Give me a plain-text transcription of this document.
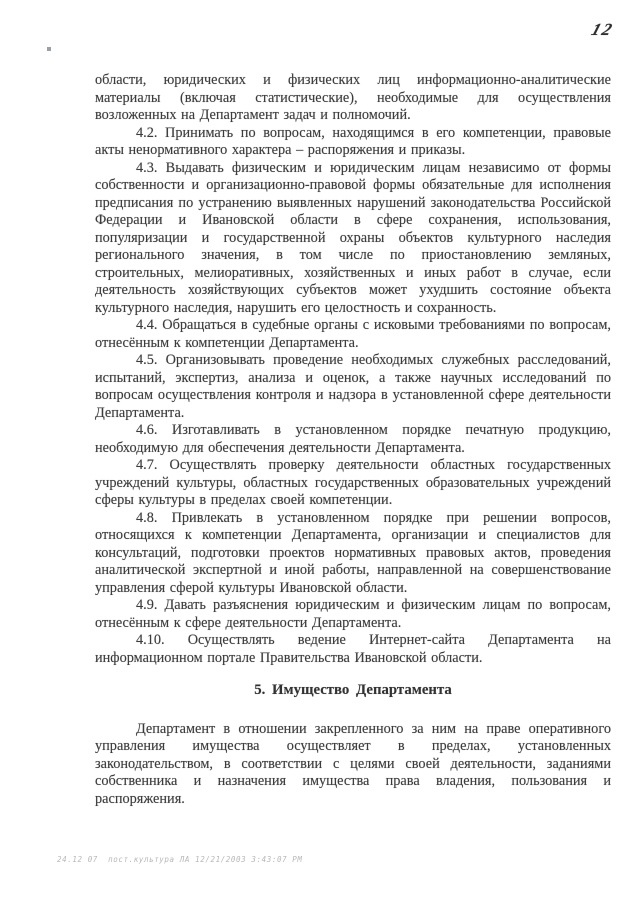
12

области, юридических и физических лиц информационно-аналитические материалы (включая статистические), необходимые для осуществления возложенных на Департамент задач и полномочий.

4.2. Принимать по вопросам, находящимся в его компетенции, правовые акты ненормативного характера – распоряжения и приказы.

4.3. Выдавать физическим и юридическим лицам независимо от формы собственности и организационно-правовой формы обязательные для исполнения предписания по устранению выявленных нарушений законодательства Российской Федерации и Ивановской области в сфере сохранения, использования, популяризации и государственной охраны объектов культурного наследия регионального значения, в том числе по приостановлению земляных, строительных, мелиоративных, хозяйственных и иных работ в случае, если деятельность хозяйствующих субъектов может ухудшить состояние объекта культурного наследия, нарушить его целостность и сохранность.

4.4. Обращаться в судебные органы с исковыми требованиями по вопросам, отнесённым к компетенции Департамента.

4.5. Организовывать проведение необходимых служебных расследований, испытаний, экспертиз, анализа и оценок, а также научных исследований по вопросам осуществления контроля и надзора в установленной сфере деятельности Департамента.

4.6. Изготавливать в установленном порядке печатную продукцию, необходимую для обеспечения деятельности Департамента.

4.7. Осуществлять проверку деятельности областных государственных учреждений культуры, областных государственных образовательных учреждений сферы культуры в пределах своей компетенции.

4.8. Привлекать в установленном порядке при решении вопросов, относящихся к компетенции Департамента, организации и специалистов для консультаций, подготовки проектов нормативных правовых актов, проведения аналитической экспертной и иной работы, направленной на совершенствование управления сферой культуры Ивановской области.

4.9. Давать разъяснения юридическим и физическим лицам по вопросам, отнесённым к сфере деятельности Департамента.

4.10. Осуществлять ведение Интернет-сайта Департамента на информационном портале Правительства Ивановской области.

5. Имущество Департамента

Департамент в отношении закрепленного за ним на праве оперативного управления имущества осуществляет в пределах, установленных законодательством, в соответствии с целями своей деятельности, заданиями собственника и назначения имущества права владения, пользования и распоряжения.

24.12 07  пост.культура ЛА 12/21/2003 3:43:07 PM
